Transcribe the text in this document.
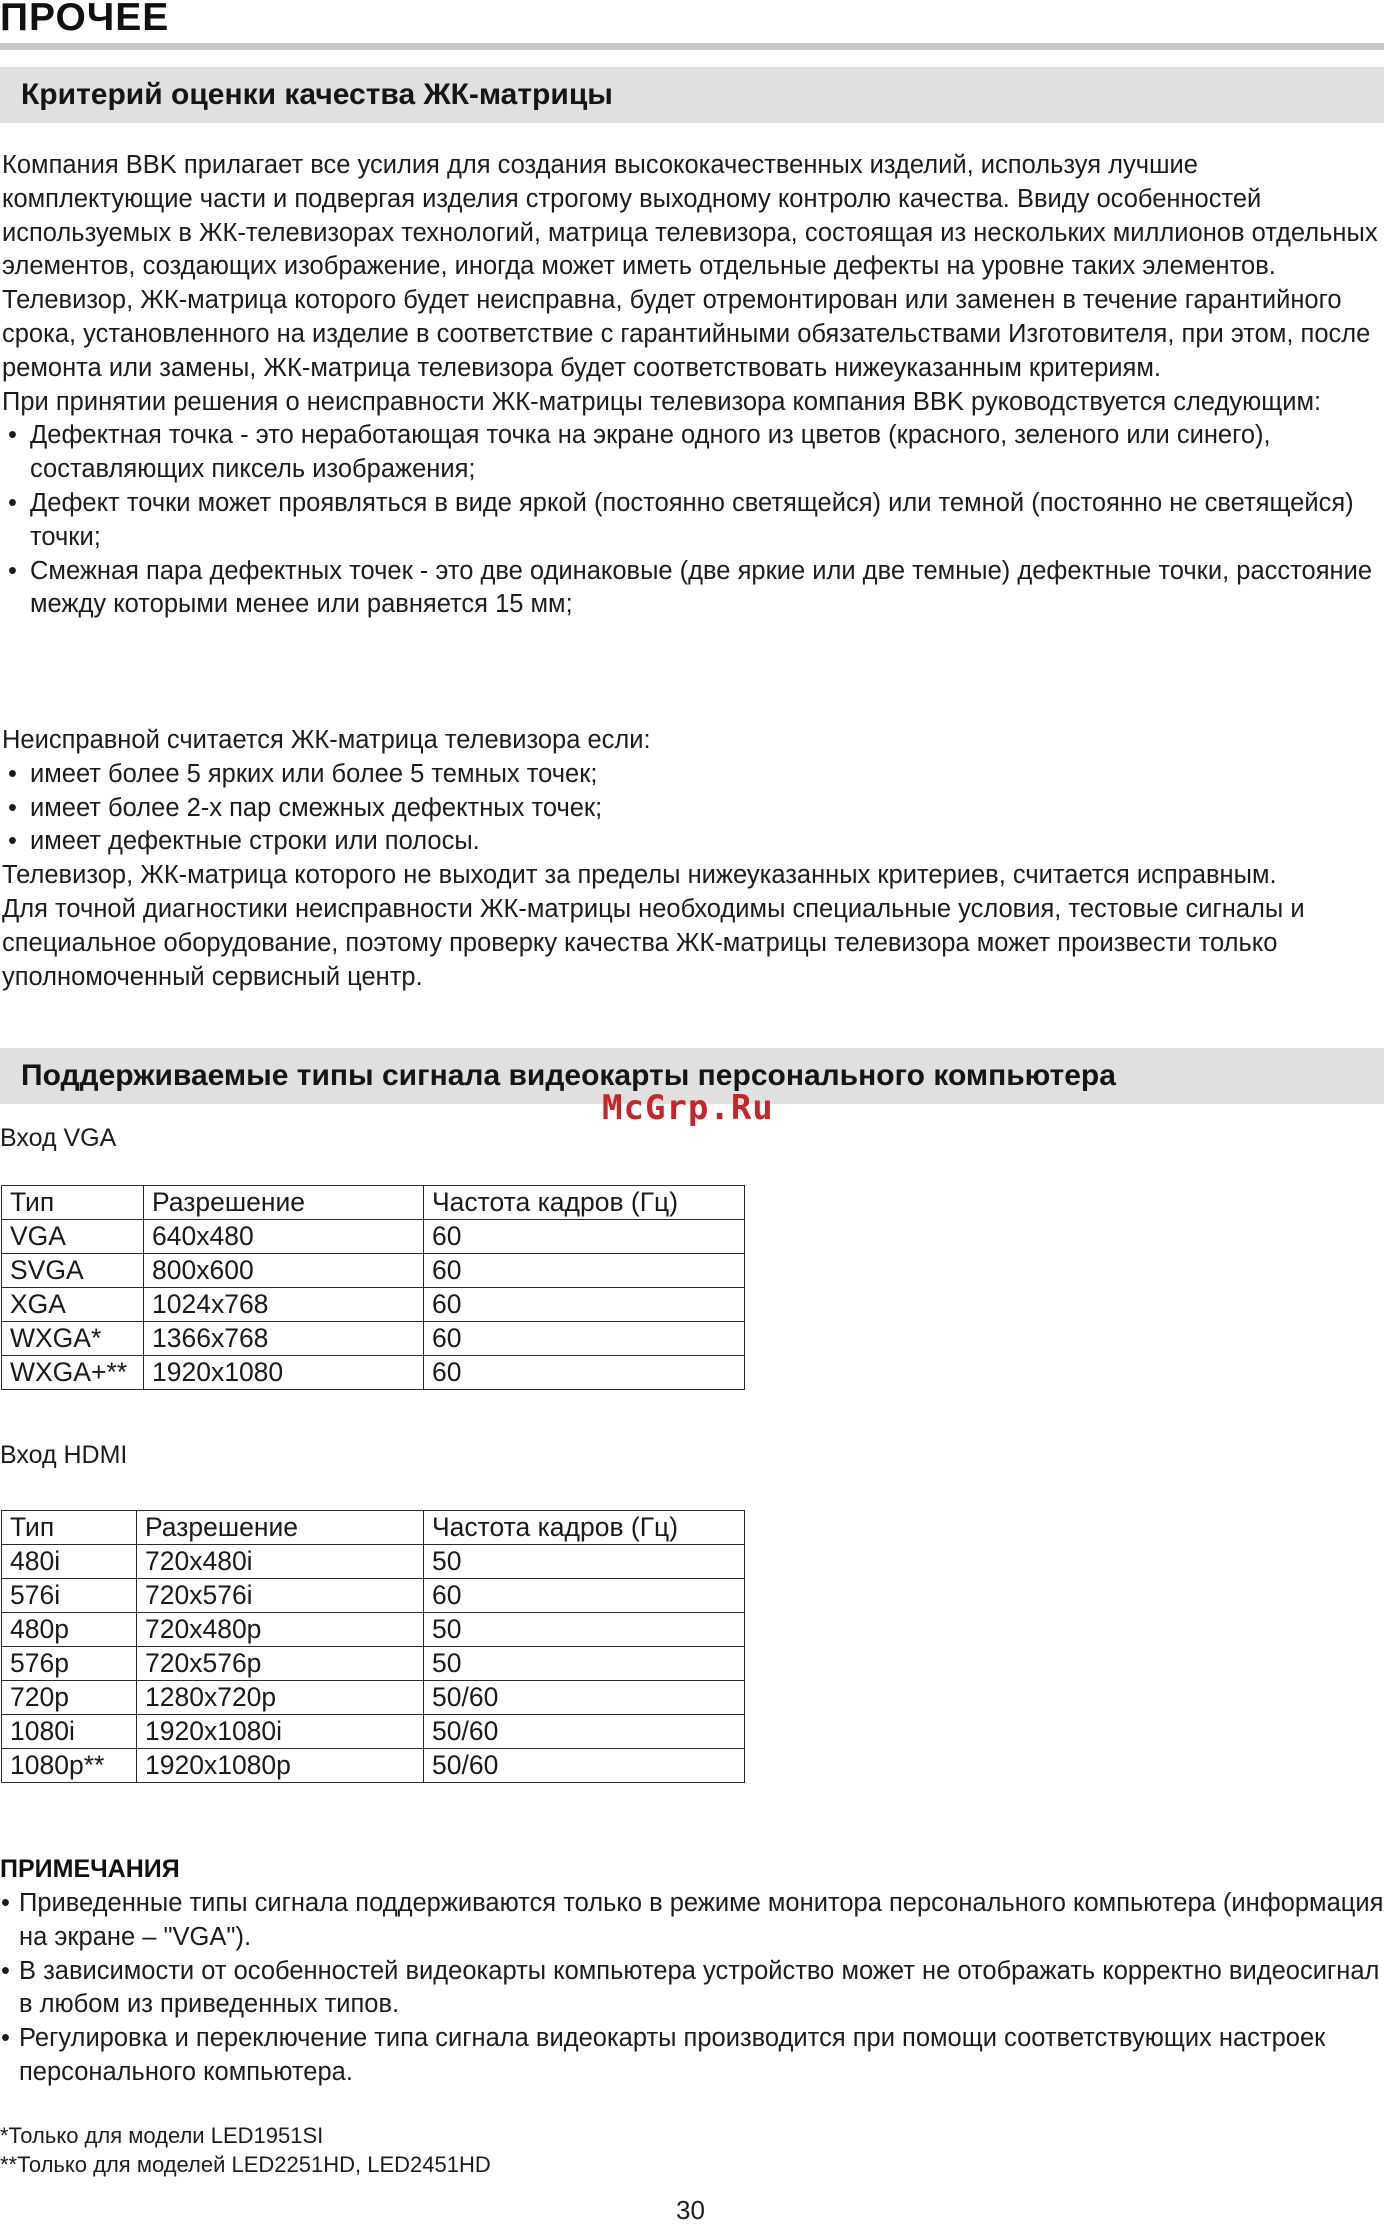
ПРОЧЕЕ
Критерий оценки качества ЖК-матрицы

Компания BBK прилагает все усилия для создания высококачественных изделий, используя лучшие комплектующие части и подвергая изделия строгому выходному контролю качества. Ввиду особенностей используемых в ЖК-телевизорах технологий, матрица телевизора, состоящая из нескольких миллионов отдельных элементов, создающих изображение, иногда может иметь отдельные дефекты на уровне таких элементов. Телевизор, ЖК-матрица которого будет неисправна, будет отремонтирован или заменен в течение гарантийного срока, установленного на изделие в соответствие с гарантийными обязательствами Изготовителя, при этом, после ремонта или замены, ЖК-матрица телевизора будет соответствовать нижеуказанным критериям.

При принятии решения о неисправности ЖК-матрицы телевизора компания BBK руководствуется следующим:

• Дефектная точка - это неработающая точка на экране одного из цветов (красного, зеленого или синего), составляющих пиксель изображения;

• Дефект точки может проявляться в виде яркой (постоянно светящейся) или темной (постоянно не светящейся) точки;

• Смежная пара дефектных точек - это две одинаковые (две яркие или две темные) дефектные точки, расстояние между которыми менее или равняется 15 мм;

Неисправной считается ЖК-матрица телевизора если:

• имеет более 5 ярких или более 5 темных точек;

• имеет более 2-х пар смежных дефектных точек;

• имеет дефектные строки или полосы.

Телевизор, ЖК-матрица которого не выходит за пределы нижеуказанных критериев, считается исправным.

Для точной диагностики неисправности ЖК-матрицы необходимы специальные условия, тестовые сигналы и специальное оборудование, поэтому проверку качества ЖК-матрицы телевизора может произвести только уполномоченный сервисный центр.

Поддерживаемые типы сигнала видеокарты персонального компьютера
McGrp.Ru
Вход VGA
Тип	Разрешение	Частота кадров (Гц)
VGA	640x480	60
SVGA	800x600	60
XGA	1024x768	60
WXGA*	1366x768	60
WXGA+**	1920x1080	60
Вход HDMI
Тип	Разрешение	Частота кадров (Гц)
480i	720x480i	50
576i	720x576i	60
480p	720x480p	50
576p	720x576p	50
720p	1280x720p	50/60
1080i	1920x1080i	50/60
1080p**	1920x1080p	50/60
ПРИМЕЧАНИЯ

• Приведенные типы сигнала поддерживаются только в режиме монитора персонального компьютера (информация на экране – "VGA").

• В зависимости от особенностей видеокарты компьютера устройство может не отображать корректно видеосигнал в любом из приведенных типов.

• Регулировка и переключение типа сигнала видеокарты производится при помощи соответствующих настроек персонального компьютера.

*Только для модели LED1951SI
**Только для моделей LED2251HD, LED2451HD
30
